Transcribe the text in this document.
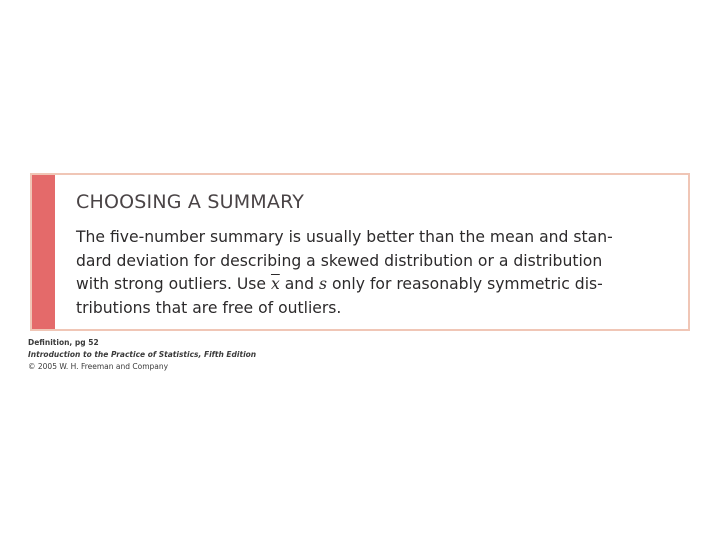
CHOOSING A SUMMARY

The five-number summary is usually better than the mean and stan-
dard deviation for describing a skewed distribution or a distribution
with strong outliers. Use $\overline{x}$ and s only for reasonably symmetric dis-
tributions that are free of outliers.

Definition, pg 52
Introduction to the Practice of Statistics, Fifth Edition
© 2005 W. H. Freeman and Company
